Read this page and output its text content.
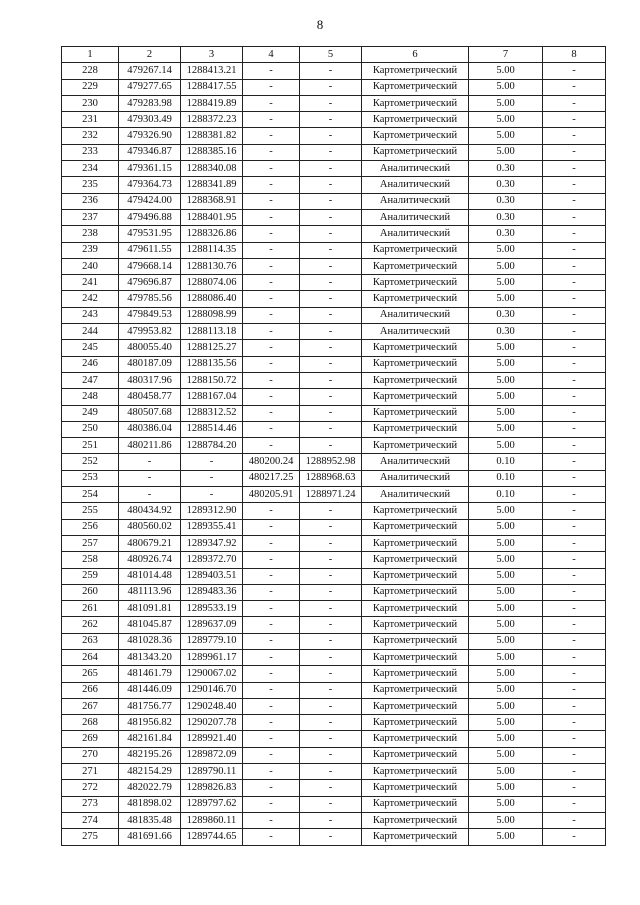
8
1	2	3	4	5	6	7	8
228	479267.14	1288413.21	-	-	Картометрический	5.00	-
229	479277.65	1288417.55	-	-	Картометрический	5.00	-
230	479283.98	1288419.89	-	-	Картометрический	5.00	-
231	479303.49	1288372.23	-	-	Картометрический	5.00	-
232	479326.90	1288381.82	-	-	Картометрический	5.00	-
233	479346.87	1288385.16	-	-	Картометрический	5.00	-
234	479361.15	1288340.08	-	-	Аналитический	0.30	-
235	479364.73	1288341.89	-	-	Аналитический	0.30	-
236	479424.00	1288368.91	-	-	Аналитический	0.30	-
237	479496.88	1288401.95	-	-	Аналитический	0.30	-
238	479531.95	1288326.86	-	-	Аналитический	0.30	-
239	479611.55	1288114.35	-	-	Картометрический	5.00	-
240	479668.14	1288130.76	-	-	Картометрический	5.00	-
241	479696.87	1288074.06	-	-	Картометрический	5.00	-
242	479785.56	1288086.40	-	-	Картометрический	5.00	-
243	479849.53	1288098.99	-	-	Аналитический	0.30	-
244	479953.82	1288113.18	-	-	Аналитический	0.30	-
245	480055.40	1288125.27	-	-	Картометрический	5.00	-
246	480187.09	1288135.56	-	-	Картометрический	5.00	-
247	480317.96	1288150.72	-	-	Картометрический	5.00	-
248	480458.77	1288167.04	-	-	Картометрический	5.00	-
249	480507.68	1288312.52	-	-	Картометрический	5.00	-
250	480386.04	1288514.46	-	-	Картометрический	5.00	-
251	480211.86	1288784.20	-	-	Картометрический	5.00	-
252	-	-	480200.24	1288952.98	Аналитический	0.10	-
253	-	-	480217.25	1288968.63	Аналитический	0.10	-
254	-	-	480205.91	1288971.24	Аналитический	0.10	-
255	480434.92	1289312.90	-	-	Картометрический	5.00	-
256	480560.02	1289355.41	-	-	Картометрический	5.00	-
257	480679.21	1289347.92	-	-	Картометрический	5.00	-
258	480926.74	1289372.70	-	-	Картометрический	5.00	-
259	481014.48	1289403.51	-	-	Картометрический	5.00	-
260	481113.96	1289483.36	-	-	Картометрический	5.00	-
261	481091.81	1289533.19	-	-	Картометрический	5.00	-
262	481045.87	1289637.09	-	-	Картометрический	5.00	-
263	481028.36	1289779.10	-	-	Картометрический	5.00	-
264	481343.20	1289961.17	-	-	Картометрический	5.00	-
265	481461.79	1290067.02	-	-	Картометрический	5.00	-
266	481446.09	1290146.70	-	-	Картометрический	5.00	-
267	481756.77	1290248.40	-	-	Картометрический	5.00	-
268	481956.82	1290207.78	-	-	Картометрический	5.00	-
269	482161.84	1289921.40	-	-	Картометрический	5.00	-
270	482195.26	1289872.09	-	-	Картометрический	5.00	-
271	482154.29	1289790.11	-	-	Картометрический	5.00	-
272	482022.79	1289826.83	-	-	Картометрический	5.00	-
273	481898.02	1289797.62	-	-	Картометрический	5.00	-
274	481835.48	1289860.11	-	-	Картометрический	5.00	-
275	481691.66	1289744.65	-	-	Картометрический	5.00	-
